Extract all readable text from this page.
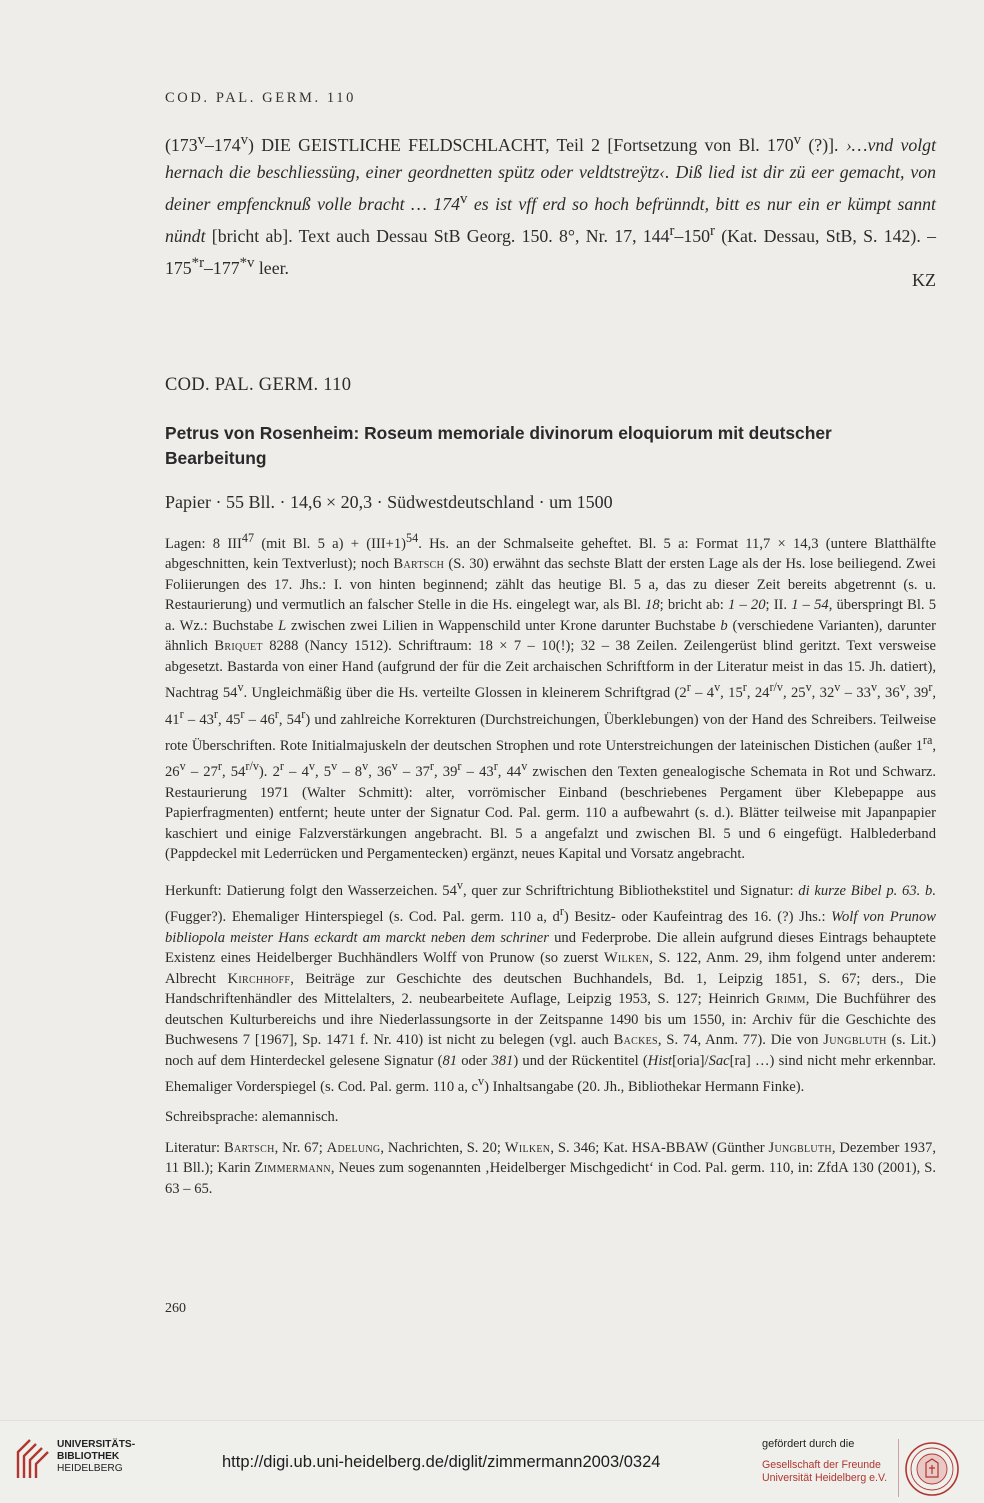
COD. PAL. GERM. 110
(173$^v$–174$^v$) DIE GEISTLICHE FELDSCHLACHT, Teil 2 [Fortsetzung von Bl. 170$^v$ (?)]. ›…vnd volgt hernach die beschliessüng, einer geordnetten spütz oder veldtstreÿtz‹. Diß lied ist dir zü eer gemacht, von deiner empfencknuß volle bracht … 174$^v$ es ist vff erd so hoch befrünndt, bitt es nur ein er kümpt sannt nündt [bricht ab]. Text auch Dessau StB Georg. 150. 8°, Nr. 17, 144$^r$–150$^r$ (Kat. Dessau, StB, S. 142). – 175$^{*r}$–177$^{*v}$ leer.
KZ
COD. PAL. GERM. 110
Petrus von Rosenheim: Roseum memoriale divinorum eloquiorum mit deutscher Bearbeitung
Papier · 55 Bll. · 14,6 × 20,3 · Südwestdeutschland · um 1500

Lagen: 8 III$^{47}$ (mit Bl. 5 $a) + (III+1)^{54}$. Hs. an der Schmalseite geheftet. Bl. 5 a: Format 11,7 × 14,3 (untere Blatthälfte abgeschnitten, kein Textverlust); noch Bartsch (S. 30) erwähnt das sechste Blatt der ersten Lage als der Hs. lose beiliegend. Zwei Foliierungen des 17. Jhs.: I. von hinten beginnend; zählt das heutige Bl. 5 a, das zu dieser Zeit bereits abgetrennt (s. u. Restaurierung) und vermutlich an falscher Stelle in die Hs. eingelegt war, als Bl. 18; bricht ab: 1 – 20; II. 1 – 54, überspringt Bl. 5 a. Wz.: Buchstabe L zwischen zwei Lilien in Wappenschild unter Krone darunter Buchstabe b (verschiedene Varianten), darunter ähnlich Briquet 8288 (Nancy 1512). Schriftraum: 18 × 7 – 10(!); 32 – 38 Zeilen. Zeilengerüst blind geritzt. Text versweise abgesetzt. Bastarda von einer Hand (aufgrund der für die Zeit archaischen Schriftform in der Literatur meist in das 15. Jh. datiert), Nachtrag 54$^v$. Ungleichmäßig über die Hs. verteilte Glossen in kleinerem Schriftgrad (2$^r$ – 4$^v$, 15$^r$, $24^{r/v}$, 25$^v$, 32$^v$ – 33$^v$, 36$^v$, 39$^r$, 41$^r$ – 43$^r$, 45$^r$ – 46$^r$, 54$^r$) und zahlreiche Korrekturen (Durchstreichungen, Überklebungen) von der Hand des Schreibers. Teilweise rote Überschriften. Rote Initialmajuskeln der deutschen Strophen und rote Unterstreichungen der lateinischen Distichen (außer $1^{ra}$, 26$^v$ – 27$^r$, $54^{r/v}$). 2$^r$ – 4$^v$, 5$^v$ – 8$^v$, 36$^v$ – 37$^r$, 39$^r$ – 43$^r$, 44$^v$ zwischen den Texten genealogische Schemata in Rot und Schwarz. Restaurierung 1971 (Walter Schmitt): alter, vorrömischer Einband (beschriebenes Pergament über Klebepappe aus Papierfragmenten) entfernt; heute unter der Signatur Cod. Pal. germ. 110 a aufbewahrt (s. d.). Blätter teilweise mit Japanpapier kaschiert und einige Falzverstärkungen angebracht. Bl. 5 a angefalzt und zwischen Bl. 5 und 6 eingefügt. Halblederband (Pappdeckel mit Lederrücken und Pergamentecken) ergänzt, neues Kapital und Vorsatz angebracht.

Herkunft: Datierung folgt den Wasserzeichen. 54$^v$, quer zur Schriftrichtung Bibliothekstitel und Signatur: di kurze Bibel p. 63. b. (Fugger?). Ehemaliger Hinterspiegel (s. Cod. Pal. germ. 110 a, $d^r$) Besitz- oder Kaufeintrag des 16. (?) Jhs.: Wolf von Prunow bibliopola meister Hans eckardt am marckt neben dem schriner und Federprobe. Die allein aufgrund dieses Eintrags behauptete Existenz eines Heidelberger Buchhändlers Wolff von Prunow (so zuerst Wilken, S. 122, Anm. 29, ihm folgend unter anderem: Albrecht Kirchhoff, Beiträge zur Geschichte des deutschen Buchhandels, Bd. 1, Leipzig 1851, S. 67; ders., Die Handschriftenhändler des Mittelalters, 2. neubearbeitete Auflage, Leipzig 1953, S. 127; Heinrich Grimm, Die Buchführer des deutschen Kulturbereichs und ihre Niederlassungsorte in der Zeitspanne 1490 bis um 1550, in: Archiv für die Geschichte des Buchwesens 7 [1967], Sp. 1471 f. Nr. 410) ist nicht zu belegen (vgl. auch Backes, S. 74, Anm. 77). Die von Jungbluth (s. Lit.) noch auf dem Hinterdeckel gelesene Signatur (81 oder 381) und der Rückentitel (Hist[oria]/Sac[ra] …) sind nicht mehr erkennbar. Ehemaliger Vorderspiegel (s. Cod. Pal. germ. 110 a, $c^v$) Inhaltsangabe (20. Jh., Bibliothekar Hermann Finke).

Schreibsprache: alemannisch.

Literatur: Bartsch, Nr. 67; Adelung, Nachrichten, S. 20; Wilken, S. 346; Kat. HSA-BBAW (Günther Jungbluth, Dezember 1937, 11 Bll.); Karin Zimmermann, Neues zum sogenannten ‚Heidelberger Mischgedicht‘ in Cod. Pal. germ. 110, in: ZfdA 130 (2001), S. 63 – 65.

260
UNIVERSITÄTS-
BIBLIOTHEK
HEIDELBERG	http://digi.ub.uni-heidelberg.de/diglit/zimmermann2003/0324
gefördert durch die
Gesellschaft der Freunde
Universität Heidelberg e.V.
